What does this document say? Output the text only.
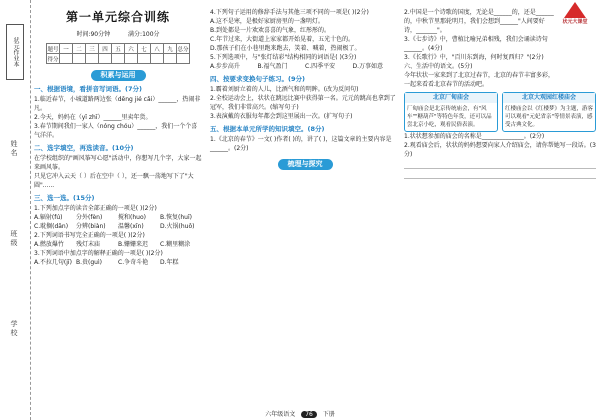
状元作业本
姓名
班级
学校
第一单元综合训练
时间:90分钟	满分:100分
题号	一	二	三	四	五	六	七	八	九	总分
得分										
积累与运用
一、根据语境，看拼音写词语。(7分)

1.临近春节，小城道路两边张（dēng jié cǎi）______，热闹非凡。

2.今天，妈妈在（yī zhī）______里卖年货。

3.春节期间我们一家人（nóng chóu）______，我们一个个喜气洋洋。

二、选字填空，再选读音。(10分)

在学校组织的"画风筝写心愿"活动中，你想写几个字，大家一起来画风筝。

只见它冲入云天（ ）后在空中（ ），还一飘一荡地写下了"大圆"......

三、选一选。(15分)

1.下列加点字的读音全部正确的一项是( )(2分)

A.辐射(fú)	分外(fèn)	搅和(huo)	B.恢复(huī)
C.耽搁(dān)	分辨(biàn)	温馨(xīn)	D.火锅(huǒ)

2.下列词语书写完全正确的一项是( )(2分)

A.燃放爆竹	残灯末庙	B.姗姗来迟	C.糊里糊涂

3.下列词语中加点字的解释正确的一项是( )(2分)

A.不拉几句(jī) B.贵(guì)	C.争奇斗艳	D.年糕

4.下列句子运用的修辞手法与其他三项不同的一项是( )(2分)

A.这不是寒，是极好家厨房里的一盏明灯。

B.到处都是一片欢欢喜喜的气象，红彤彤的。

C.年节过来，大街道上家家都开始晃着，五光十色的。

D.那孩子们在小巷里跑来跑去，笑着、喊着，热闹极了。

5.下列选项中，与"张灯结彩"结构相同的词语是( )(3分)

A.步步高升	B.福气盈门	C.四季平安	D.万事如意
四、按要求变换句子练习。(9分)

1.霸着刘厨立着的人儿，比酒气和的明眸。(改为反问句)

2.全校运动会上，状状在跳远比赛中获得第一名。元元的跳高也拿到了冠军，我们非常高兴。(缩写句子)

3.表演戴的衣服每年都会到这里展出一次。(扩写句子)

五、根据本单元所学的知识填空。(8分)

1.《北京的春节》一文( )作者( )的，讲了( )，这篇文章的主要内容是______。(2分)

梳理与探究
状元大课堂

2.中国是一个诗歌的国度，无论是______的，还是______的，中秋节里那轮明月，我们会想到______"人间要好诗，_______"。

3.《七步诗》中，曹植比喻兄弟相残，我们会诵读诗句______。(4分)

3.《长歌行》中，"百川东到海，何时复西归？"(2分)

六、生活中的语文。(5分)

今年状状一家来到了北京过春节，北京的春节丰富多彩，一起来看看北京春节的活动吧。

北京厂甸庙会
厂甸庙会是北京传统庙会，有"风车""糖葫芦"等特色年货，还可以品尝北京小吃，观看民俗表演。
北京大观园红楼庙会
红楼庙会以《红楼梦》为主题，游客可以观看"元妃省亲"等情景表演，感受古典文化。

1.状状想参加的庙会的名称是______________。(2分)

2.观看庙会后，状状的妈妈想要向家人介绍庙会，请你帮她写一段话。(3分)

六年级语文 76 下册
